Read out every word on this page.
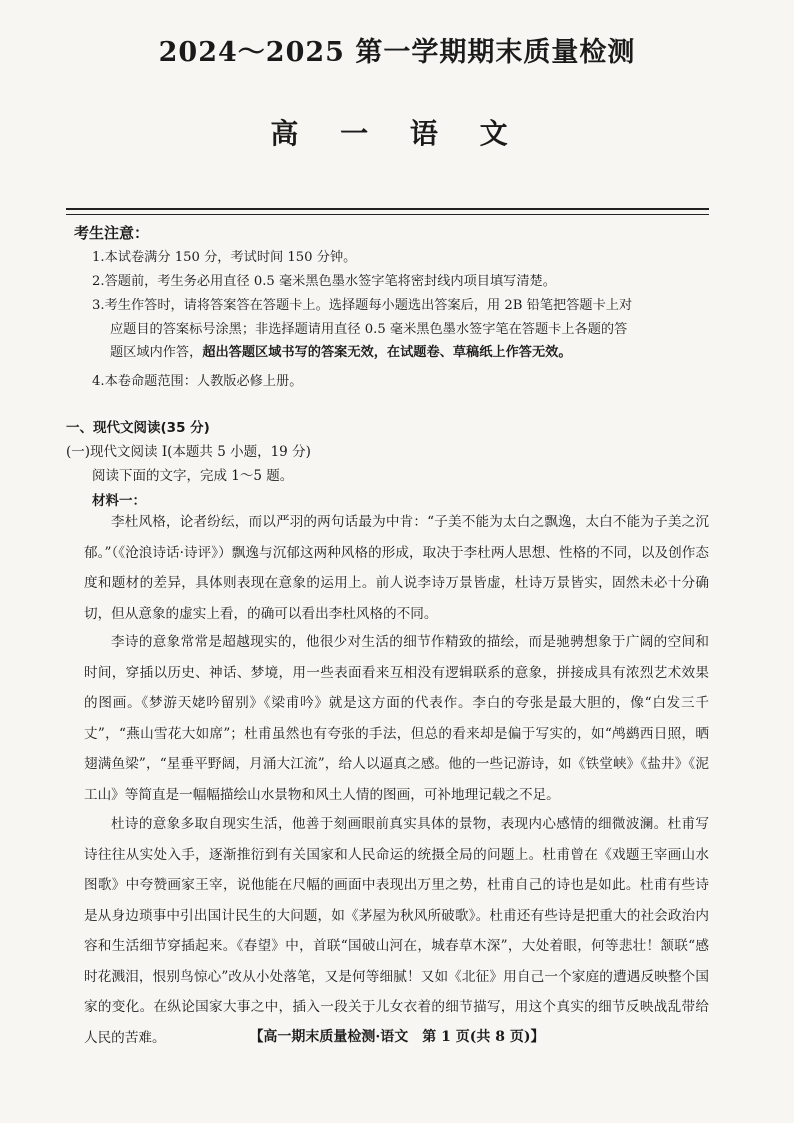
2024～2025 第一学期期末质量检测
高 一 语 文
考生注意：
1.本试卷满分 150 分，考试时间 150 分钟。
2.答题前，考生务必用直径 0.5 毫米黑色墨水签字笔将密封线内项目填写清楚。
3.考生作答时，请将答案答在答题卡上。选择题每小题选出答案后，用 2B 铅笔把答题卡上对
应题目的答案标号涂黑；非选择题请用直径 0.5 毫米黑色墨水签字笔在答题卡上各题的答
题区域内作答，超出答题区域书写的答案无效，在试题卷、草稿纸上作答无效。
4.本卷命题范围：人教版必修上册。
一、现代文阅读(35 分)
(一)现代文阅读 I(本题共 5 小题，19 分)
阅读下面的文字，完成 1～5 题。
材料一：
李杜风格，论者纷纭，而以严羽的两句话最为中肯：“子美不能为太白之飘逸，太白不能为子美之沉郁。”（《沧浪诗话·诗评》）飘逸与沉郁这两种风格的形成，取决于李杜两人思想、性格的不同，以及创作态度和题材的差异，具体则表现在意象的运用上。前人说李诗万景皆虚，杜诗万景皆实，固然未必十分确切，但从意象的虚实上看，的确可以看出李杜风格的不同。
李诗的意象常常是超越现实的，他很少对生活的细节作精致的描绘，而是驰骋想象于广阔的空间和时间，穿插以历史、神话、梦境，用一些表面看来互相没有逻辑联系的意象，拼接成具有浓烈艺术效果的图画。《梦游天姥吟留别》《梁甫吟》就是这方面的代表作。李白的夸张是最大胆的，像“白发三千丈”，“燕山雪花大如席”；杜甫虽然也有夸张的手法，但总的看来却是偏于写实的，如“鸬鹚西日照，晒翅满鱼梁”，“星垂平野阔，月涌大江流”，给人以逼真之感。他的一些记游诗，如《铁堂峡》《盐井》《泥工山》等简直是一幅幅描绘山水景物和风土人情的图画，可补地理记载之不足。
杜诗的意象多取自现实生活，他善于刻画眼前真实具体的景物，表现内心感情的细微波澜。杜甫写诗往往从实处入手，逐渐推衍到有关国家和人民命运的统摄全局的问题上。杜甫曾在《戏题王宰画山水图歌》中夸赞画家王宰，说他能在尺幅的画面中表现出万里之势，杜甫自己的诗也是如此。杜甫有些诗是从身边琐事中引出国计民生的大问题，如《茅屋为秋风所破歌》。杜甫还有些诗是把重大的社会政治内容和生活细节穿插起来。《春望》中，首联“国破山河在，城春草木深”，大处着眼，何等悲壮！颔联“感时花溅泪，恨别鸟惊心”改从小处落笔，又是何等细腻！又如《北征》用自己一个家庭的遭遇反映整个国家的变化。在纵论国家大事之中，插入一段关于儿女衣着的细节描写，用这个真实的细节反映战乱带给人民的苦难。	【高一期末质量检测·语文　第 1 页(共 8 页)】
